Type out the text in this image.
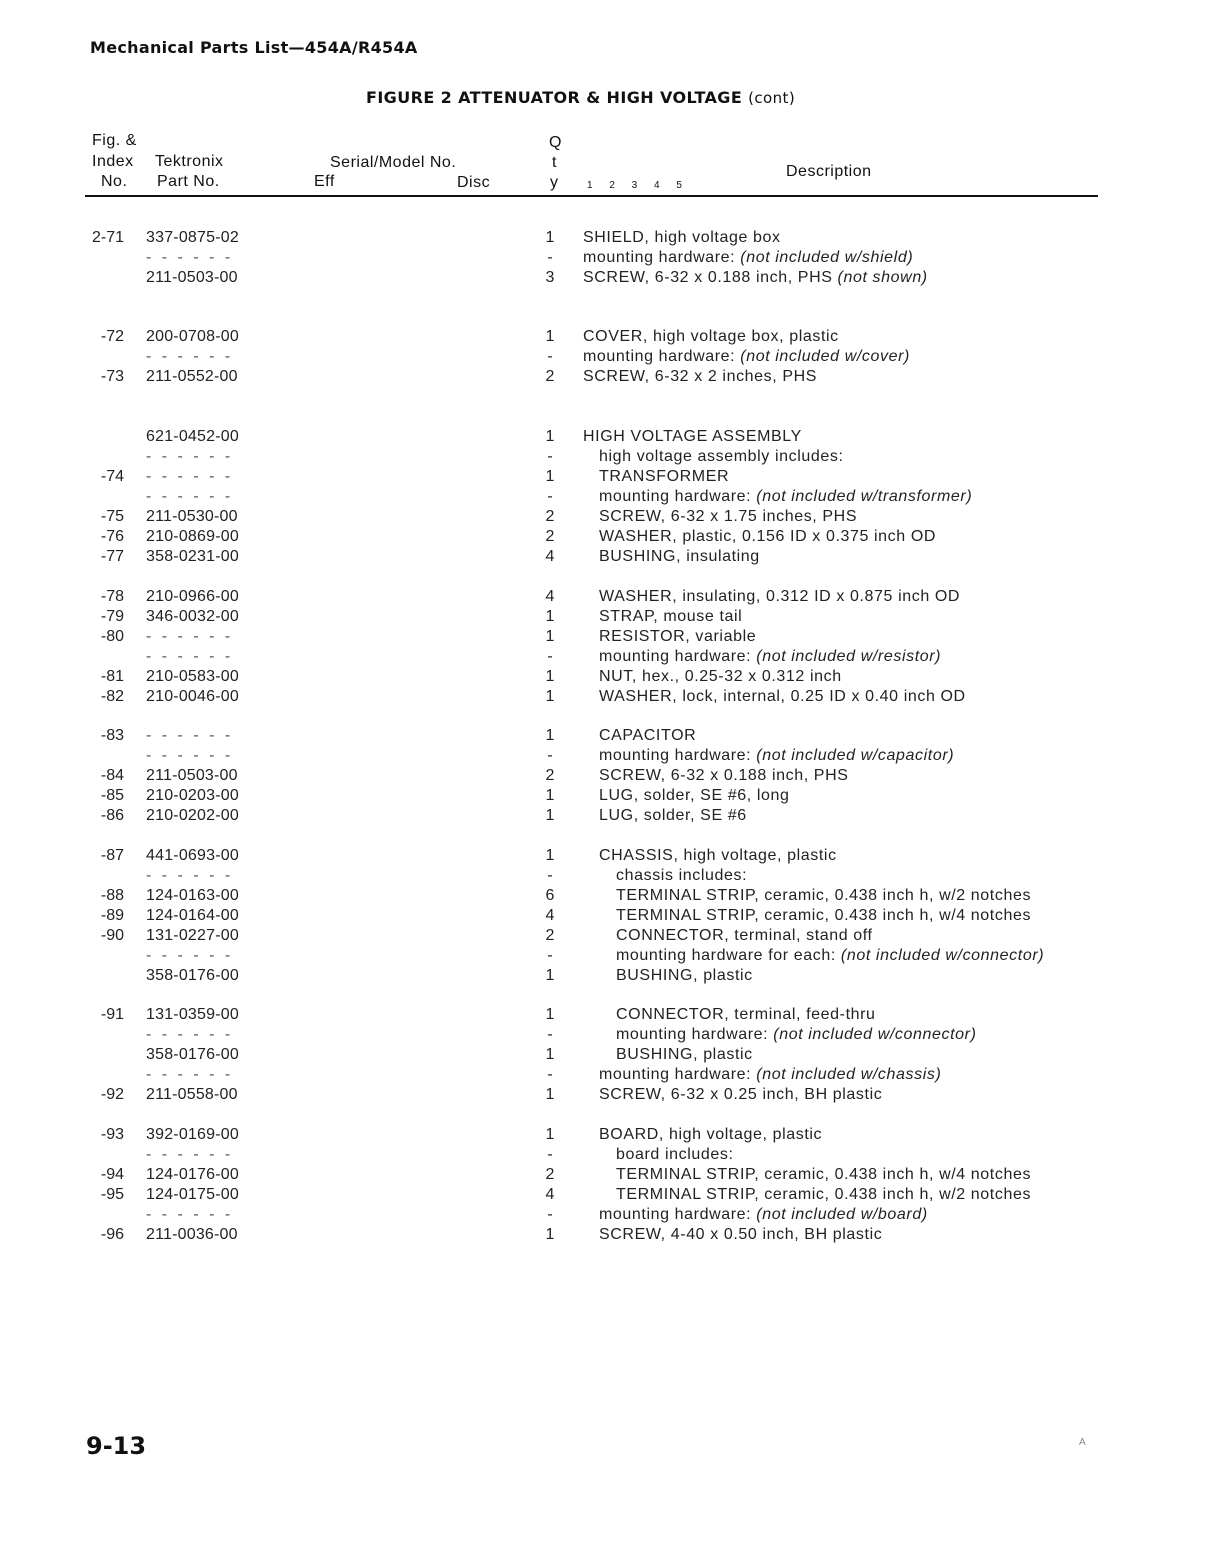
Mechanical Parts List—454A/R454A
FIGURE 2 ATTENUATOR & HIGH VOLTAGE (cont)
Fig. &
Index
No.
Tektronix
Part No.
Serial/Model No.
Eff	Disc
Q
t
y	1 2 3 4 5
Description
2-71 337-0875-02	1	SHIELD, high voltage box
- - - - - -	-	mounting hardware: (not included w/shield)
211-0503-00	3	SCREW, 6-32 x 0.188 inch, PHS (not shown)
-72 200-0708-00	1	COVER, high voltage box, plastic
- - - - - -	-	mounting hardware: (not included w/cover)
-73 211-0552-00	2	SCREW, 6-32 x 2 inches, PHS
621-0452-00	1	HIGH VOLTAGE ASSEMBLY
- - - - - -	-	high voltage assembly includes:
-74 - - - - - -	1	TRANSFORMER
- - - - - -	-	mounting hardware: (not included w/transformer)
-75 211-0530-00	2	SCREW, 6-32 x 1.75 inches, PHS
-76 210-0869-00	2	WASHER, plastic, 0.156 ID x 0.375 inch OD
-77 358-0231-00	4	BUSHING, insulating
-78 210-0966-00	4	WASHER, insulating, 0.312 ID x 0.875 inch OD
-79 346-0032-00	1	STRAP, mouse tail
-80 - - - - - -	1	RESISTOR, variable
- - - - - -	-	mounting hardware: (not included w/resistor)
-81 210-0583-00	1	NUT, hex., 0.25-32 x 0.312 inch
-82 210-0046-00	1	WASHER, lock, internal, 0.25 ID x 0.40 inch OD
-83 - - - - - -	1	CAPACITOR
- - - - - -	-	mounting hardware: (not included w/capacitor)
-84 211-0503-00	2	SCREW, 6-32 x 0.188 inch, PHS
-85 210-0203-00	1	LUG, solder, SE #6, long
-86 210-0202-00	1	LUG, solder, SE #6
-87 441-0693-00	1	CHASSIS, high voltage, plastic
- - - - - -	-	chassis includes:
-88 124-0163-00	6	TERMINAL STRIP, ceramic, 0.438 inch h, w/2 notches
-89 124-0164-00	4	TERMINAL STRIP, ceramic, 0.438 inch h, w/4 notches
-90 131-0227-00	2	CONNECTOR, terminal, stand off
- - - - - -	-	mounting hardware for each: (not included w/connector)
358-0176-00	1	BUSHING, plastic
-91 131-0359-00	1	CONNECTOR, terminal, feed-thru
- - - - - -	-	mounting hardware: (not included w/connector)
358-0176-00	1	BUSHING, plastic
- - - - - -	-	mounting hardware: (not included w/chassis)
-92 211-0558-00	1	SCREW, 6-32 x 0.25 inch, BH plastic
-93 392-0169-00	1	BOARD, high voltage, plastic
- - - - - -	-	board includes:
-94 124-0176-00	2	TERMINAL STRIP, ceramic, 0.438 inch h, w/4 notches
-95 124-0175-00	4	TERMINAL STRIP, ceramic, 0.438 inch h, w/2 notches
- - - - - -	-	mounting hardware: (not included w/board)
-96 211-0036-00	1	SCREW, 4-40 x 0.50 inch, BH plastic
9-13	A
